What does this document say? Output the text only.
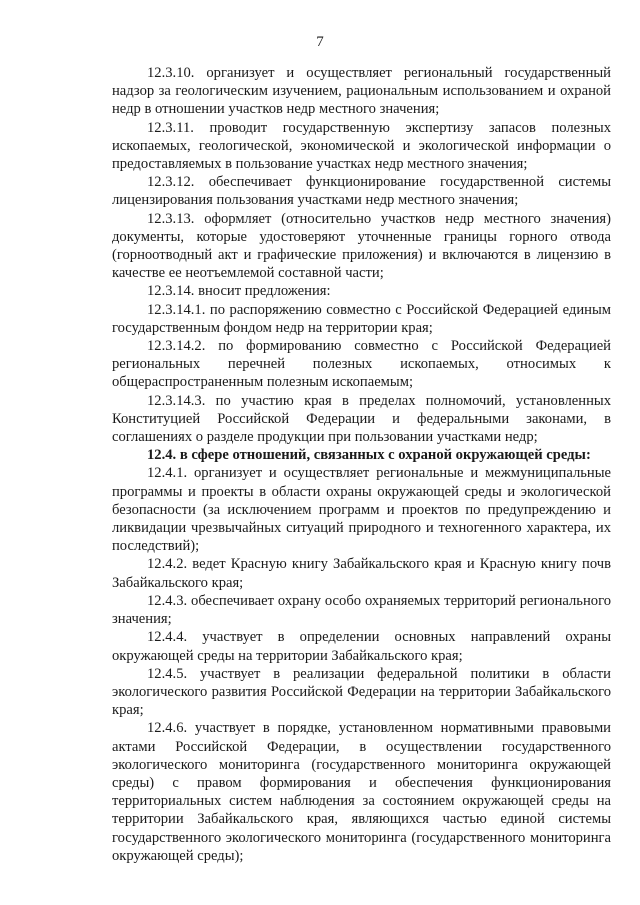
7

12.3.10. организует и осуществляет региональный государственный надзор за геологическим изучением, рациональным использованием и охраной недр в отношении участков недр местного значения;

12.3.11. проводит государственную экспертизу запасов полезных ископаемых, геологической, экономической и экологической информации о предоставляемых в пользование участках недр местного значения;

12.3.12. обеспечивает функционирование государственной системы лицензирования пользования участками недр местного значения;

12.3.13. оформляет (относительно участков недр местного значения) документы, которые удостоверяют уточненные границы горного отвода (горноотводный акт и графические приложения) и включаются в лицензию в качестве ее неотъемлемой составной части;

12.3.14. вносит предложения:

12.3.14.1. по распоряжению совместно с Российской Федерацией единым государственным фондом недр на территории края;

12.3.14.2. по формированию совместно с Российской Федерацией региональных перечней полезных ископаемых, относимых к общераспространенным полезным ископаемым;

12.3.14.3. по участию края в пределах полномочий, установленных Конституцией Российской Федерации и федеральными законами, в соглашениях о разделе продукции при пользовании участками недр;

12.4. в сфере отношений, связанных с охраной окружающей среды:

12.4.1. организует и осуществляет региональные и межмуниципальные программы и проекты в области охраны окружающей среды и экологической безопасности (за исключением программ и проектов по предупреждению и ликвидации чрезвычайных ситуаций природного и техногенного характера, их последствий);

12.4.2. ведет Красную книгу Забайкальского края и Красную книгу почв Забайкальского края;

12.4.3. обеспечивает охрану особо охраняемых территорий регионального значения;

12.4.4. участвует в определении основных направлений охраны окружающей среды на территории Забайкальского края;

12.4.5. участвует в реализации федеральной политики в области экологического развития Российской Федерации на территории Забайкальского края;

12.4.6. участвует в порядке, установленном нормативными правовыми актами Российской Федерации, в осуществлении государственного экологического мониторинга (государственного мониторинга окружающей среды) с правом формирования и обеспечения функционирования территориальных систем наблюдения за состоянием окружающей среды на территории Забайкальского края, являющихся частью единой системы государственного экологического мониторинга (государственного мониторинга окружающей среды);
